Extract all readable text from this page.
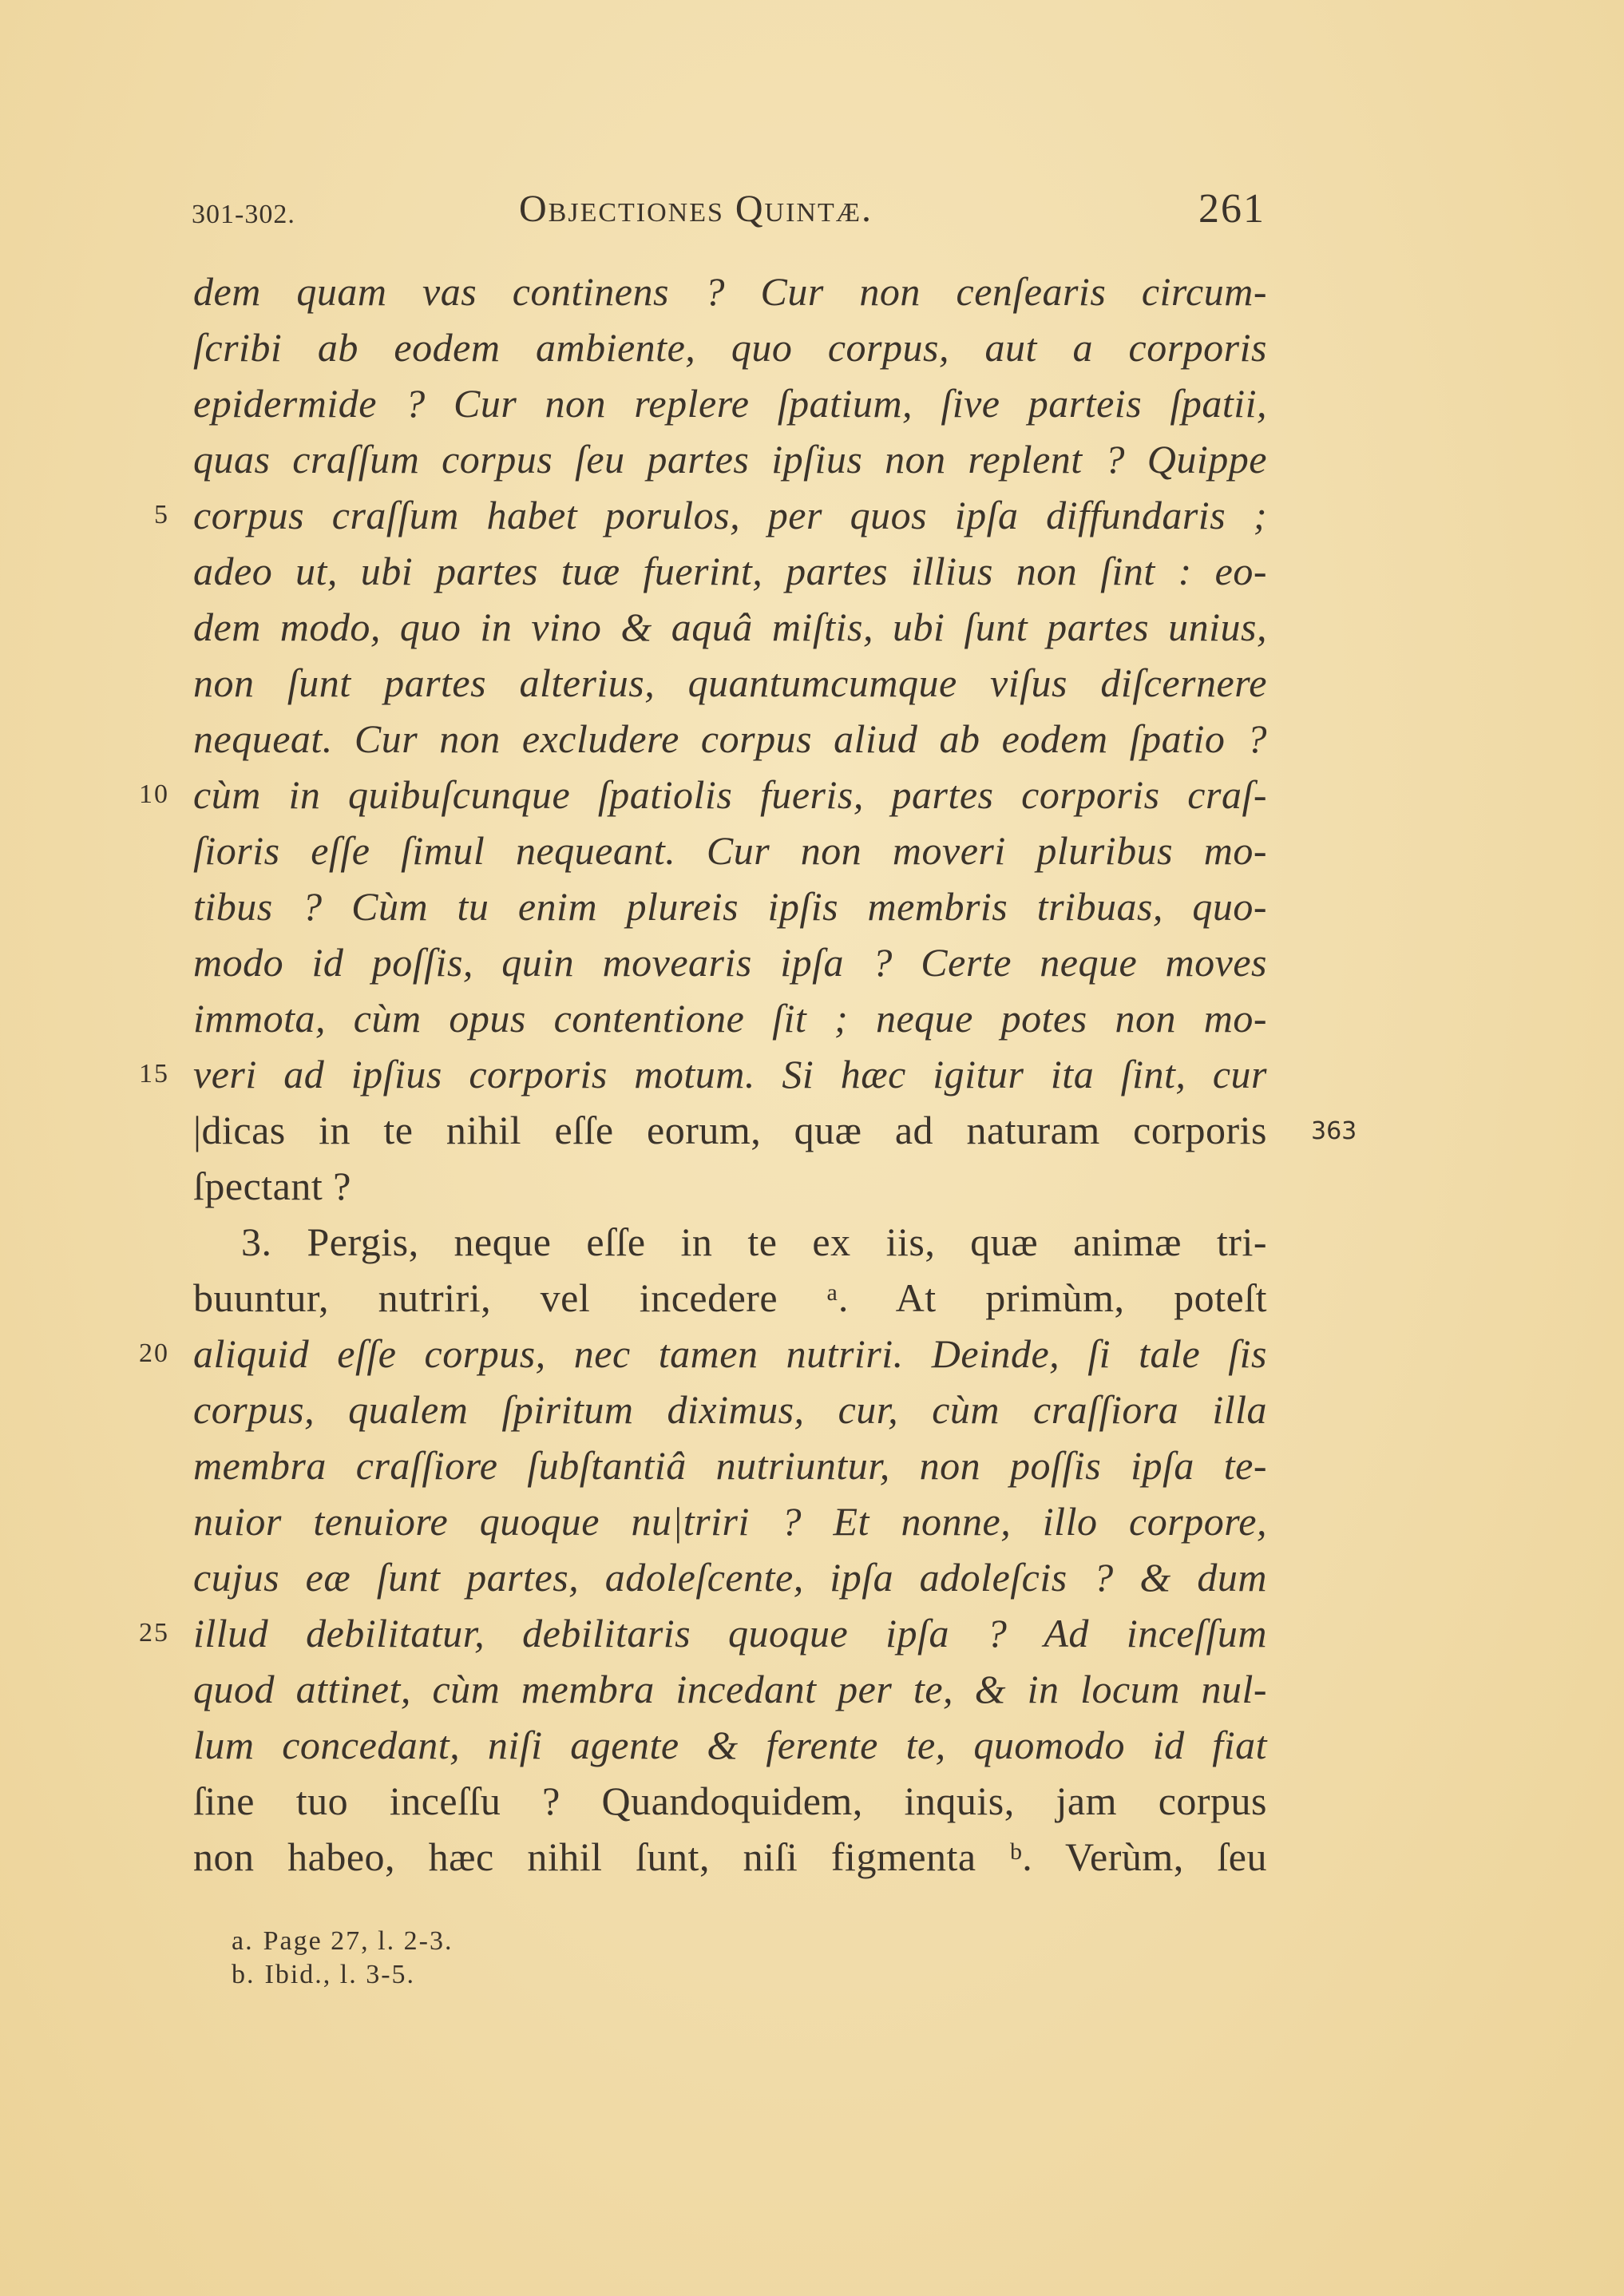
301-302.	Objectiones Quintæ.	261
dem quam vas continens ? Cur non cenſearis circum-
ſcribi ab eodem ambiente, quo corpus, aut a corporis
epidermide ? Cur non replere ſpatium, ſive parteis ſpatii,
quas craſſum corpus ſeu partes ipſius non replent ? Quippe
5 corpus craſſum habet porulos, per quos ipſa diffundaris ;
adeo ut, ubi partes tuæ fuerint, partes illius non ſint : eo-
dem modo, quo in vino & aquâ miſtis, ubi ſunt partes unius,
non ſunt partes alterius, quantumcumque viſus diſcernere
nequeat. Cur non excludere corpus aliud ab eodem ſpatio ?
10 cùm in quibuſcunque ſpatiolis fueris, partes corporis craſ-
ſioris eſſe ſimul nequeant. Cur non moveri pluribus mo-
tibus ? Cùm tu enim plureis ipſis membris tribuas, quo-
modo id poſſis, quin movearis ipſa ? Certe neque moves
immota, cùm opus contentione ſit ; neque potes non mo-
15 veri ad ipſius corporis motum. Si hæc igitur ita ſint, cur
|dicas in te nihil eſſe eorum, quæ ad naturam corporis 363
ſpectant ?
3. Pergis, neque eſſe in te ex iis, quæ animæ tri-
buuntur, nutriri, vel incedere ᵃ. At primùm, poteſt
20 aliquid eſſe corpus, nec tamen nutriri. Deinde, ſi tale ſis
corpus, qualem ſpiritum diximus, cur, cùm craſſiora illa
membra craſſiore ſubſtantiâ nutriuntur, non poſſis ipſa te-
nuior tenuiore quoque nu|triri ? Et nonne, illo corpore,
cujus eæ ſunt partes, adoleſcente, ipſa adoleſcis ? & dum
25 illud debilitatur, debilitaris quoque ipſa ? Ad inceſſum
quod attinet, cùm membra incedant per te, & in locum nul-
lum concedant, niſi agente & ferente te, quomodo id fiat
ſine tuo inceſſu ? Quandoquidem, inquis, jam corpus
non habeo, hæc nihil ſunt, niſi figmenta ᵇ. Verùm, ſeu
a. Page 27, l. 2-3.
b. Ibid., l. 3-5.
